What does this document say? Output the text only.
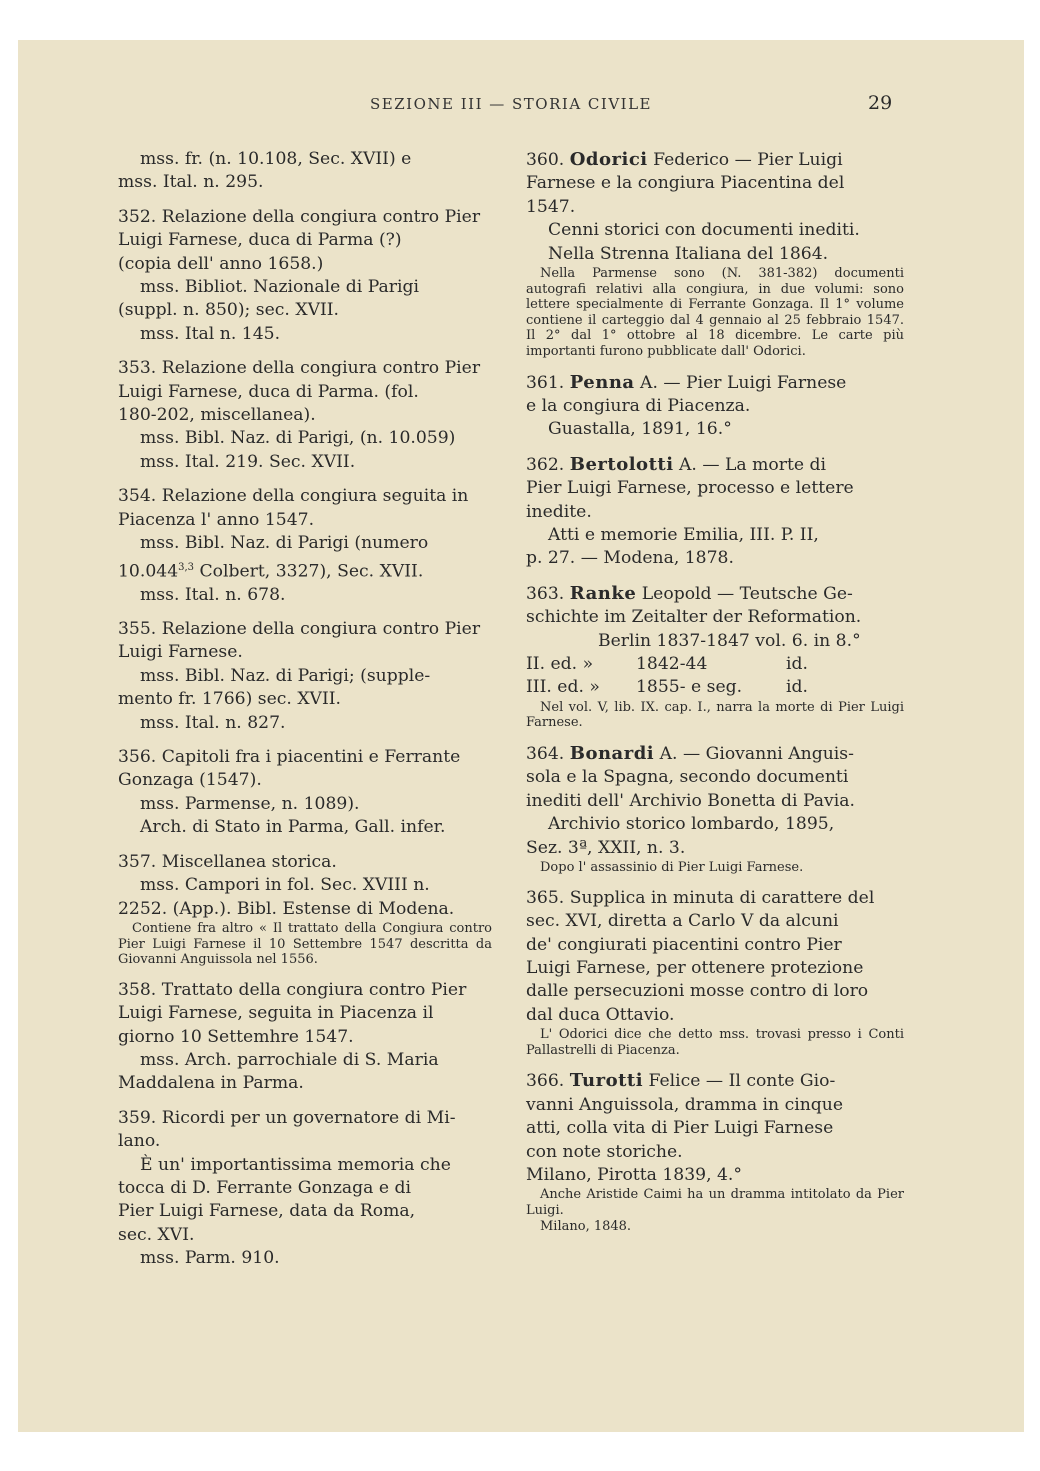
SEZIONE III — STORIA CIVILE	29

mss. fr. (n. 10.108, Sec. XVII) e

mss. Ital. n. 295.

352. Relazione della congiura contro Pier

Luigi Farnese, duca di Parma (?)

(copia dell' anno 1658.)

mss. Bibliot. Nazionale di Parigi

(suppl. n. 850); sec. XVII.

mss. Ital n. 145.

353. Relazione della congiura contro Pier

Luigi Farnese, duca di Parma. (fol.

180-202, miscellanea).

mss. Bibl. Naz. di Parigi, (n. 10.059)

mss. Ital. 219. Sec. XVII.

354. Relazione della congiura seguita in

Piacenza l' anno 1547.

mss. Bibl. Naz. di Parigi (numero

10.044$^{3,3}$ Colbert, 3327), Sec. XVII.

mss. Ital. n. 678.

355. Relazione della congiura contro Pier

Luigi Farnese.

mss. Bibl. Naz. di Parigi; (supple-

mento fr. 1766) sec. XVII.

mss. Ital. n. 827.

356. Capitoli fra i piacentini e Ferrante

Gonzaga (1547).

mss. Parmense, n. 1089).

Arch. di Stato in Parma, Gall. infer.

357. Miscellanea storica.

mss. Campori in fol. Sec. XVIII n.

2252. (App.). Bibl. Estense di Modena.

Contiene fra altro « Il trattato della Congiura contro Pier Luigi Farnese il 10 Settembre 1547 descritta da Giovanni Anguissola nel 1556.

358. Trattato della congiura contro Pier

Luigi Farnese, seguita in Piacenza il

giorno 10 Settemhre 1547.

mss. Arch. parrochiale di S. Maria

Maddalena in Parma.

359. Ricordi per un governatore di Mi-

lano.

È un' importantissima memoria che

tocca di D. Ferrante Gonzaga e di

Pier Luigi Farnese, data da Roma,

sec. XVI.

mss. Parm. 910.

360. Odorici Federico — Pier Luigi

Farnese e la congiura Piacentina del

1547.

Cenni storici con documenti inediti.

Nella Strenna Italiana del 1864.

Nella Parmense sono (N. 381-382) documenti autografi relativi alla congiura, in due volumi: sono lettere specialmente di Ferrante Gonzaga. Il 1° volume contiene il carteggio dal 4 gennaio al 25 febbraio 1547. Il 2° dal 1° ottobre al 18 dicembre. Le carte più importanti furono pubblicate dall' Odorici.

361. Penna A. — Pier Luigi Farnese

e la congiura di Piacenza.

Guastalla, 1891, 16.°

362. Bertolotti A. — La morte di

Pier Luigi Farnese, processo e lettere

inedite.

Atti e memorie Emilia, III. P. II,

p. 27. — Modena, 1878.

363. Ranke Leopold — Teutsche Ge-

schichte im Zeitalter der Reformation.

Berlin 1837-1847 vol. 6. in 8.°

II. ed. »	1842-44	id.

III. ed. »	1855- e seg.	id.

Nel vol. V, lib. IX. cap. I., narra la morte di Pier Luigi Farnese.

364. Bonardi A. — Giovanni Anguis-

sola e la Spagna, secondo documenti

inediti dell' Archivio Bonetta di Pavia.

Archivio storico lombardo, 1895,

Sez. 3ª, XXII, n. 3.

Dopo l' assassinio di Pier Luigi Farnese.

365. Supplica in minuta di carattere del

sec. XVI, diretta a Carlo V da alcuni

de' congiurati piacentini contro Pier

Luigi Farnese, per ottenere protezione

dalle persecuzioni mosse contro di loro

dal duca Ottavio.

L' Odorici dice che detto mss. trovasi presso i Conti Pallastrelli di Piacenza.

366. Turotti Felice — Il conte Gio-

vanni Anguissola, dramma in cinque

atti, colla vita di Pier Luigi Farnese

con note storiche.

Milano, Pirotta 1839, 4.°

Anche Aristide Caimi ha un dramma intitolato da Pier Luigi.

Milano, 1848.
